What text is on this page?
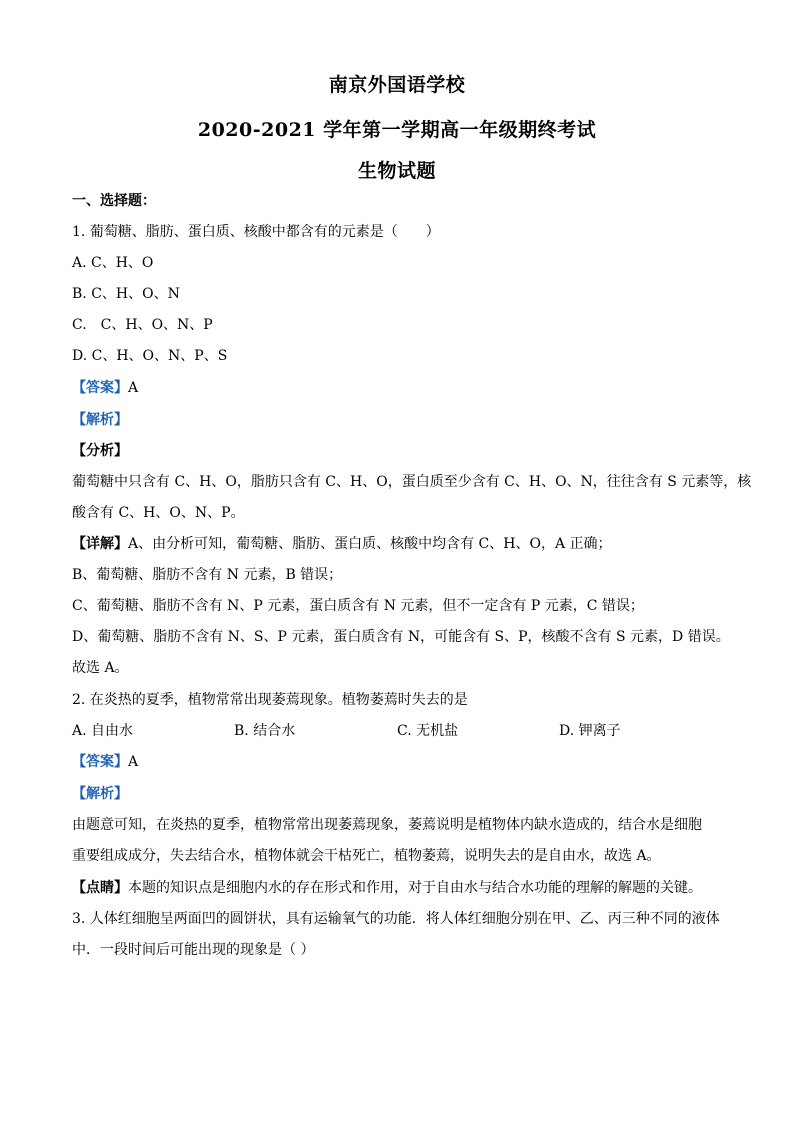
南京外国语学校
2020-2021 学年第一学期高一年级期终考试
生物试题
一、选择题：
1. 葡萄糖、脂肪、蛋白质、核酸中都含有的元素是（　　）
A. C、H、O
B. C、H、O、N
C.　C、H、O、N、P
D. C、H、O、N、P、S
【答案】A
【解析】
【分析】
葡萄糖中只含有 C、H、O，脂肪只含有 C、H、O，蛋白质至少含有 C、H、O、N，往往含有 S 元素等，核
酸含有 C、H、O、N、P。
【详解】A、由分析可知，葡萄糖、脂肪、蛋白质、核酸中均含有 C、H、O，A 正确；
B、葡萄糖、脂肪不含有 N 元素，B 错误；
C、葡萄糖、脂肪不含有 N、P 元素，蛋白质含有 N 元素，但不一定含有 P 元素，C 错误；
D、葡萄糖、脂肪不含有 N、S、P 元素，蛋白质含有 N，可能含有 S、P，核酸不含有 S 元素，D 错误。
故选 A。
2. 在炎热的夏季，植物常常出现萎蔫现象。植物萎蔫时失去的是
A. 自由水	B. 结合水	C. 无机盐	D. 钾离子
【答案】A
【解析】
由题意可知，在炎热的夏季，植物常常出现萎蔫现象，萎蔫说明是植物体内缺水造成的，结合水是细胞
重要组成成分，失去结合水，植物体就会干枯死亡，植物萎蔫，说明失去的是自由水，故选 A。
【点睛】本题的知识点是细胞内水的存在形式和作用，对于自由水与结合水功能的理解的解题的关键。
3. 人体红细胞呈两面凹的圆饼状，具有运输氧气的功能．将人体红细胞分别在甲、乙、丙三种不同的液体
中．一段时间后可能出现的现象是（ ）
